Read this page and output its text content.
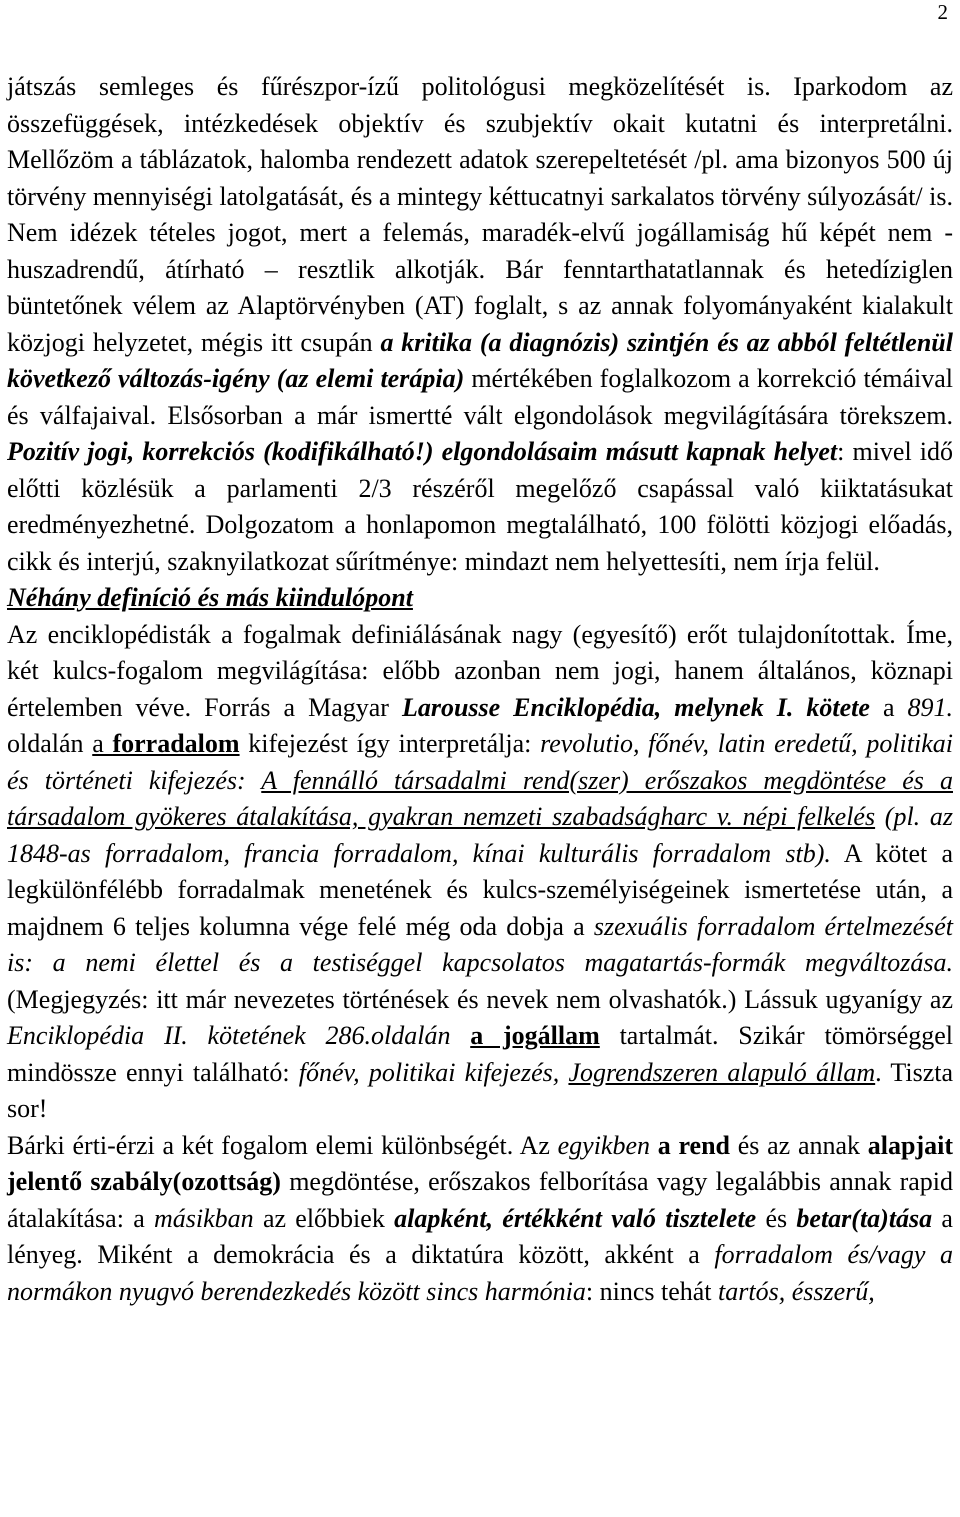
2

játszás semleges és fűrészpor-ízű politológusi megközelítését is. Iparkodom az összefüggések, intézkedések objektív és szubjektív okait kutatni és interpretálni. Mellőzöm a táblázatok, halomba rendezett adatok szerepeltetését /pl. ama bizonyos 500 új törvény mennyiségi latolgatását, és a mintegy kéttucatnyi sarkalatos törvény súlyozását/ is. Nem idézek tételes jogot, mert a felemás, maradék-elvű jogállamiság hű képét nem - huszadrendű, átírható – resztlik alkotják. Bár fenntarthatatlannak és hetedíziglen büntetőnek vélem az Alaptörvényben (AT) foglalt, s az annak folyományaként kialakult közjogi helyzetet, mégis itt csupán a kritika (a diagnózis) szintjén és az abból feltétlenül következő változás-igény (az elemi terápia) mértékében foglalkozom a korrekció témáival és válfajaival. Elsősorban a már ismertté vált elgondolások megvilágítására törekszem. Pozitív jogi, korrekciós (kodifikálható!) elgondolásaim másutt kapnak helyet: mivel idő előtti közlésük a parlamenti 2/3 részéről megelőző csapással való kiiktatásukat eredményezhetné. Dolgozatom a honlapomon megtalálható, 100 fölötti közjogi előadás, cikk és interjú, szaknyilatkozat sűrítménye: mindazt nem helyettesíti, nem írja felül.

Néhány definíció és más kiindulópont

Az enciklopédisták a fogalmak definiálásának nagy (egyesítő) erőt tulajdonítottak. Íme, két kulcs-fogalom megvilágítása: előbb azonban nem jogi, hanem általános, köznapi értelemben véve. Forrás a Magyar Larousse Enciklopédia, melynek I. kötete a 891. oldalán a forradalom kifejezést így interpretálja: revolutio, főnév, latin eredetű, politikai és történeti kifejezés: A fennálló társadalmi rend(szer) erőszakos megdöntése és a társadalom gyökeres átalakítása, gyakran nemzeti szabadságharc v. népi felkelés (pl. az 1848-as forradalom, francia forradalom, kínai kulturális forradalom stb). A kötet a legkülönfélébb forradalmak menetének és kulcs-személyiségeinek ismertetése után, a majdnem 6 teljes kolumna vége felé még oda dobja a szexuális forradalom értelmezését is: a nemi élettel és a testiséggel kapcsolatos magatartás-formák megváltozása. (Megjegyzés: itt már nevezetes történések és nevek nem olvashatók.) Lássuk ugyanígy az Enciklopédia II. kötetének 286.oldalán a jogállam tartalmát. Szikár tömörséggel mindössze ennyi található: főnév, politikai kifejezés, Jogrendszeren alapuló állam. Tiszta sor!

Bárki érti-érzi a két fogalom elemi különbségét. Az egyikben a rend és az annak alapjait jelentő szabály(ozottság) megdöntése, erőszakos felborítása vagy legalábbis annak rapid átalakítása: a másikban az előbbiek alapként, értékként való tisztelete és betar(ta)tása a lényeg. Miként a demokrácia és a diktatúra között, akként a forradalom és/vagy a normákon nyugvó berendezkedés között sincs harmónia: nincs tehát tartós, ésszerű,
